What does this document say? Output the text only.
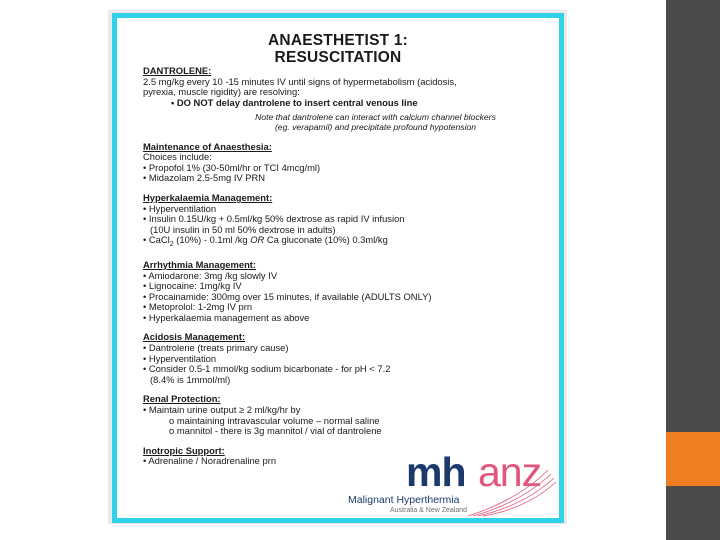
ANAESTHETIST 1:
RESUSCITATION
DANTROLENE:
2.5 mg/kg every 10 -15 minutes IV until signs of hypermetabolism (acidosis,
pyrexia, muscle rigidity) are resolving:
• DO NOT delay dantrolene to insert central venous line
Note that dantrolene can interact with calcium channel blockers
(eg. verapamil) and precipitate profound hypotension
Maintenance of Anaesthesia:
Choices include:
• Propofol 1% (30-50ml/hr or TCI 4mcg/ml)
• Midazolam 2.5-5mg IV PRN
Hyperkalaemia Management:
• Hyperventilation
• Insulin 0.15U/kg + 0.5ml/kg 50% dextrose as rapid IV infusion
(10U insulin in 50 ml 50% dextrose in adults)
• CaCl$_2$ (10%) - 0.1ml /kg OR Ca gluconate (10%) 0.3ml/kg
Arrhythmia Management:
• Amiodarone: 3mg /kg slowly IV
• Lignocaine: 1mg/kg IV
• Procainamide: 300mg over 15 minutes, if available (ADULTS ONLY)
• Metoprolol: 1-2mg IV prn
• Hyperkalaemia management as above
Acidosis Management:
• Dantrolene (treats primary cause)
• Hyperventilation
• Consider 0.5-1 mmol/kg sodium bicarbonate - for pH < 7.2
(8.4% is 1mmol/ml)
Renal Protection:
• Maintain urine output ≥ 2 ml/kg/hr by
o maintaining intravascular volume – normal saline
o mannitol - there is 3g mannitol / vial of dantrolene
Inotropic Support:
• Adrenaline / Noradrenaline prn	mh anz
Malignant Hyperthermia
Australia & New Zealand
